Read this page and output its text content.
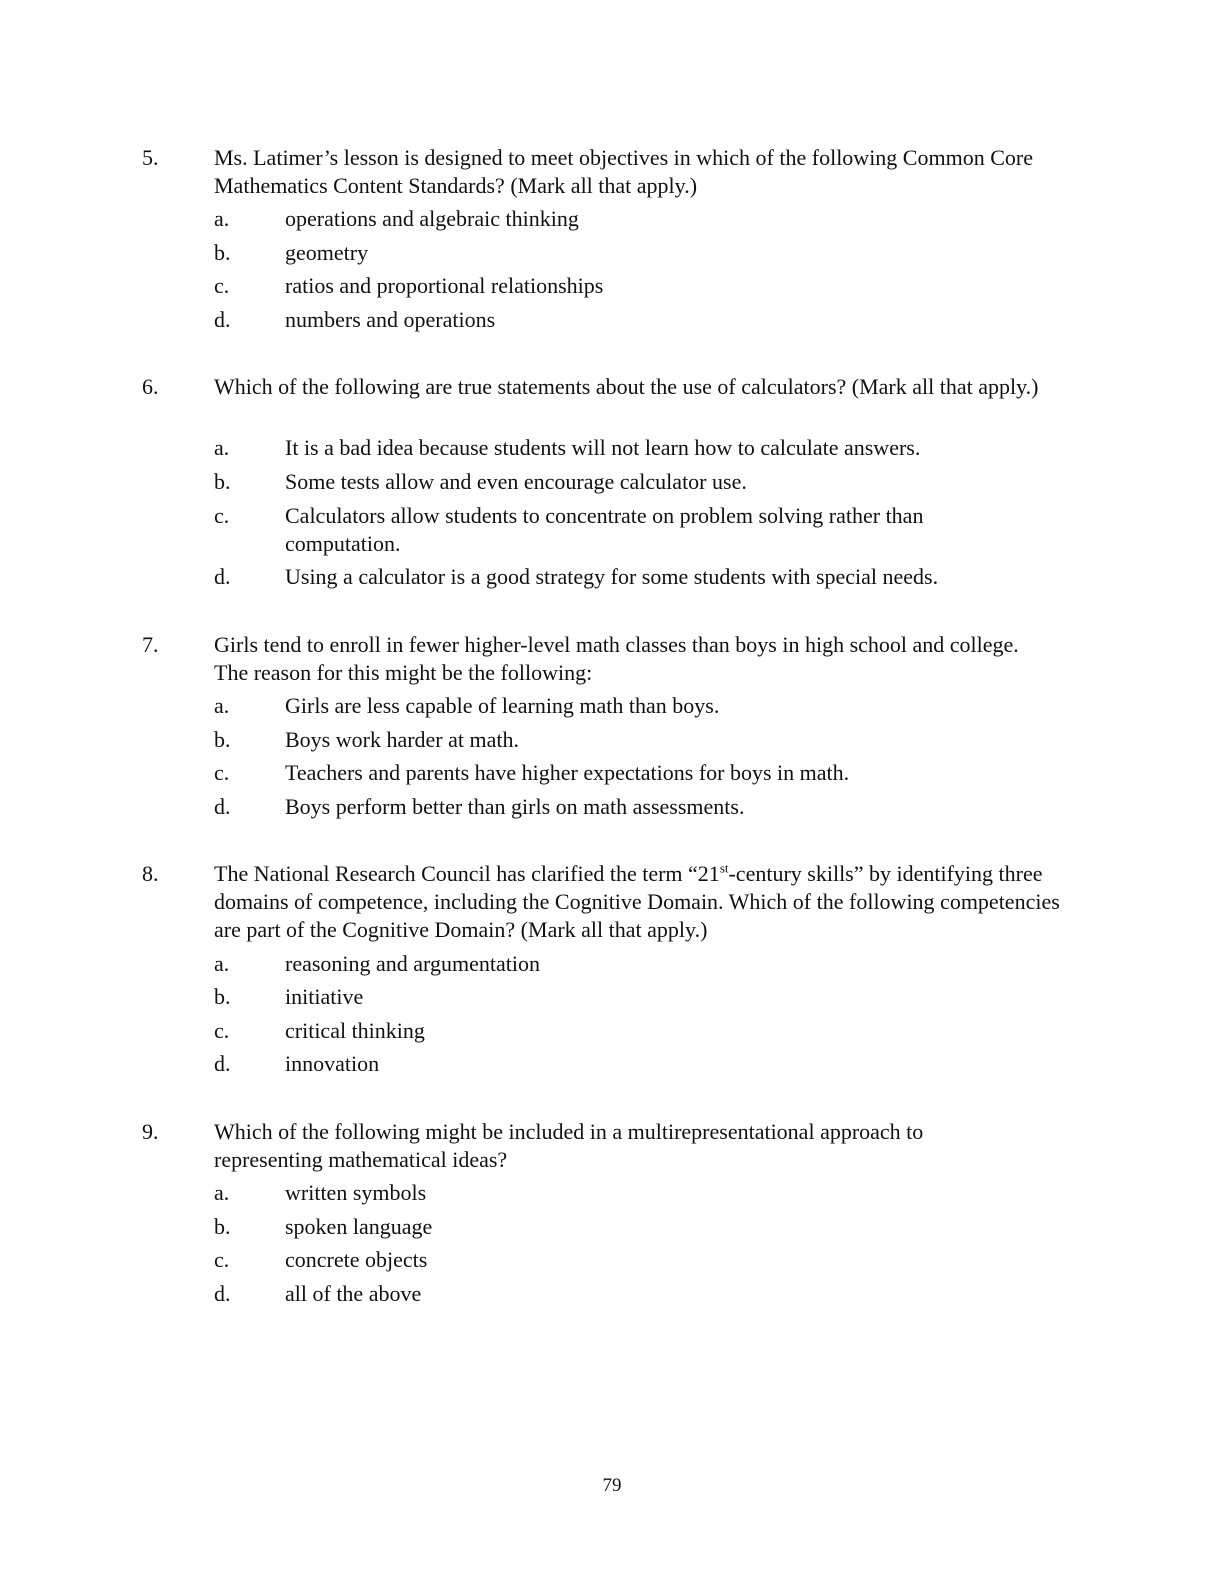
5.	Ms. Latimer’s lesson is designed to meet objectives in which of the following Common Core Mathematics Content Standards? (Mark all that apply.)
a.	operations and algebraic thinking
b. geometry
c.	ratios and proportional relationships
d. numbers and operations
6.	Which of the following are true statements about the use of calculators? (Mark all that apply.)
a.	It is a bad idea because students will not learn how to calculate answers.
b. Some tests allow and even encourage calculator use.
c.	Calculators allow students to concentrate on problem solving rather than computation.
d. Using a calculator is a good strategy for some students with special needs.
7.	Girls tend to enroll in fewer higher-level math classes than boys in high school and college. The reason for this might be the following:
a.	Girls are less capable of learning math than boys.
b. Boys work harder at math.
c.	Teachers and parents have higher expectations for boys in math.
d. Boys perform better than girls on math assessments.
8.	The National Research Council has clarified the term “21st-century skills” by identifying three domains of competence, including the Cognitive Domain. Which of the following competencies are part of the Cognitive Domain? (Mark all that apply.)
a.	reasoning and argumentation
b. initiative
c.	critical thinking
d. innovation
9.	Which of the following might be included in a multirepresentational approach to representing mathematical ideas?
a.	written symbols
b. spoken language
c.	concrete objects
d. all of the above
79
